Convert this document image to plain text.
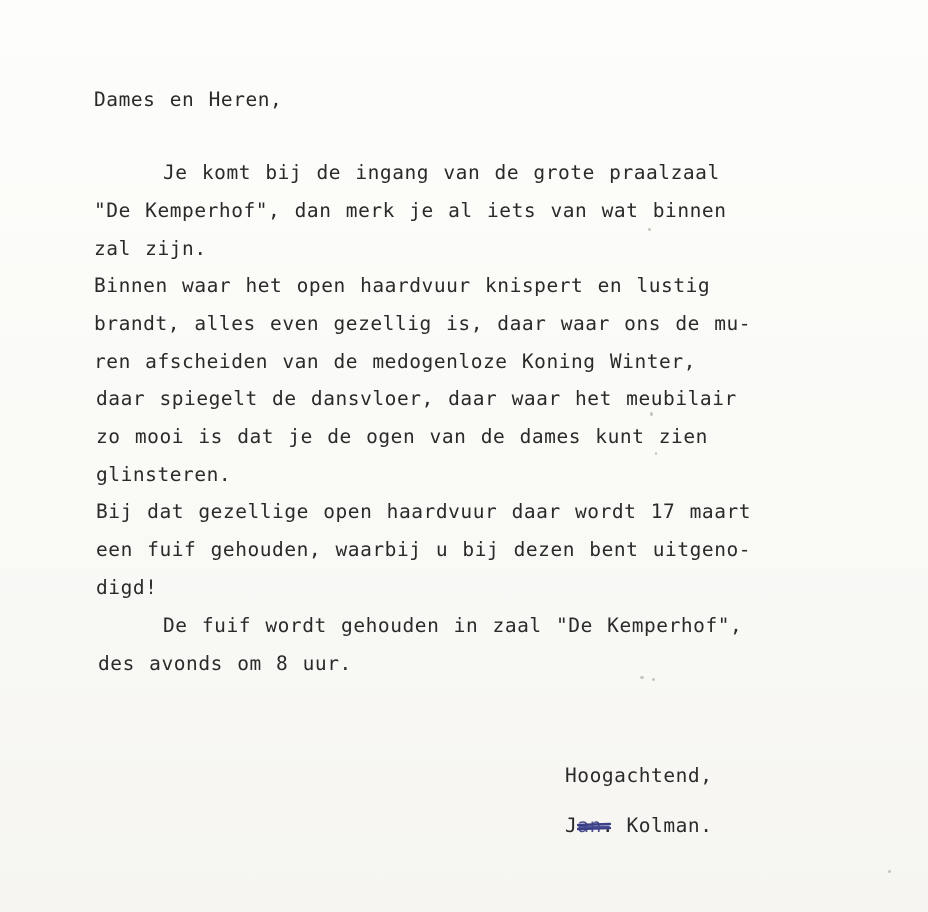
Dames en Heren,

Je komt bij de ingang van de grote praalzaal

"De Kemperhof", dan merk je al iets van wat binnen

zal zijn.

Binnen waar het open haardvuur knispert en lustig

brandt, alles even gezellig is, daar waar ons de mu-

ren afscheiden van de medogenloze Koning Winter,

daar spiegelt de dansvloer, daar waar het meubilair

zo mooi is dat je de ogen van de dames kunt zien

glinsteren.

Bij dat gezellige open haardvuur daar wordt 17 maart

een fuif gehouden, waarbij u bij dezen bent uitgeno-

digd!

De fuif wordt gehouden in zaal "De Kemperhof",

des avonds om 8 uur.

Hoogachtend,

Jan. Kolman.
